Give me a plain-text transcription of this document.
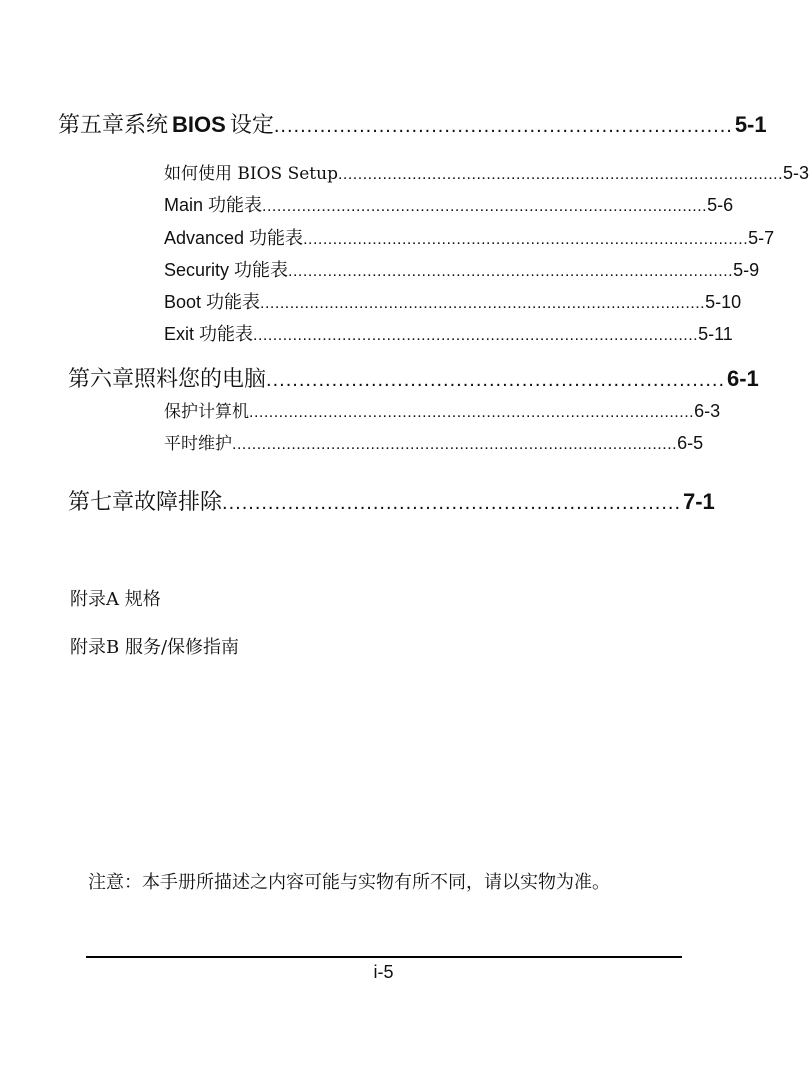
第五章 系统 BIOS 设定 ...................................................................... 5-1
如何使用 BIOS Setup .......................................................................................... 5-3
Main 功能表 .......................................................................................... 5-6
Advanced 功能表 .......................................................................................... 5-7
Security 功能表 .......................................................................................... 5-9
Boot 功能表 .......................................................................................... 5-10
Exit 功能表 .......................................................................................... 5-11
第六章 照料您的电脑 ...................................................................... 6-1
保护计算机 .......................................................................................... 6-3
平时维护 .......................................................................................... 6-5
第七章 故障排除 ...................................................................... 7-1
附录A 规格
附录B 服务/保修指南
注意：本手册所描述之内容可能与实物有所不同，请以实物为准。
i-5
